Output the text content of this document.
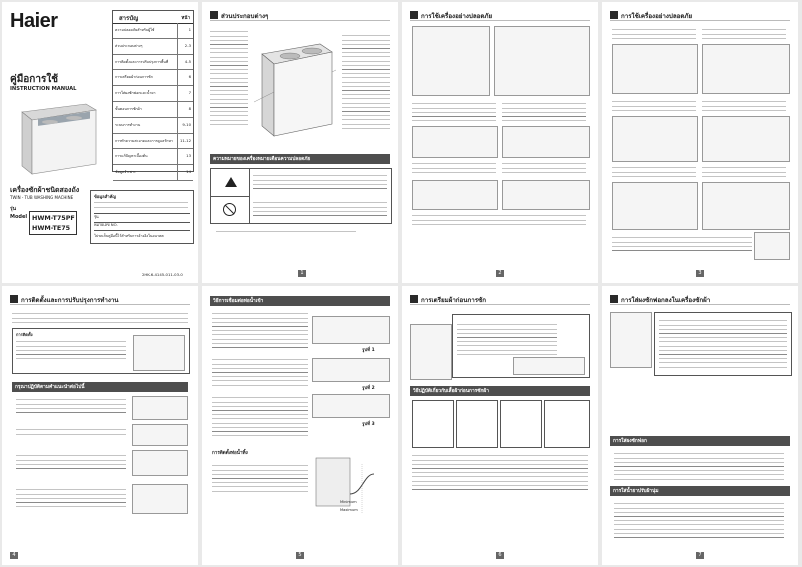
Haier
คู่มือการใช้
INSTRUCTION MANUAL
เครื่องซักผ้าชนิดสองถัง
TWIN - TUB WASHING MACHINE
รุ่น
Model HWM-T75PF
HWM-TE75
สารบัญ	หน้า
ความปลอดภัยสำหรับผู้ใช้	1
ส่วนประกอบต่างๆ	2-3
การติดตั้งและการปรับปรุงการพื้นที่	4-5
การเตรียมผ้าก่อนการซัก	6
การใส่ผงซักฟอกและน้ำยา	7
ขั้นตอนการซักผ้า	8
ระบบการทำงาน	9-10
การทำความสะอาดและการดูแลรักษา	11-12
การแก้ปัญหาเบื้องต้น	13
ข้อมูลจำเพาะ	14
ข้อมูลสำคัญ
รุ่น
หมายเลข NO.
โปรดเก็บคู่มือนี้ไว้สำหรับการอ้างอิงในอนาคต
2HK-6-4145-011-03-0
ส่วนประกอบต่างๆ
ความหมายของเครื่องหมายเตือนความปลอดภัย
1
การใช้เครื่องอย่างปลอดภัย
2
การใช้เครื่องอย่างปลอดภัย
3
การติดตั้งและการปรับปรุงการทำงาน
การติดตั้ง
กรุณาปฏิบัติตามคำแนะนำต่อไปนี้
4
วิธีการเชื่อมต่อท่อน้ำเข้า
รูปที่ 1
รูปที่ 2
รูปที่ 3
การติดตั้งท่อน้ำทิ้ง
Minimum
Maximum
5
การเตรียมผ้าก่อนการซัก
วิธีปฏิบัติเกี่ยวกับเสื้อผ้าก่อนการซักผ้า
6
การใส่ผงซักฟอกลงในเครื่องซักผ้า
การใส่ผงซักฟอก
การใส่น้ำยาปรับผ้านุ่ม
7
